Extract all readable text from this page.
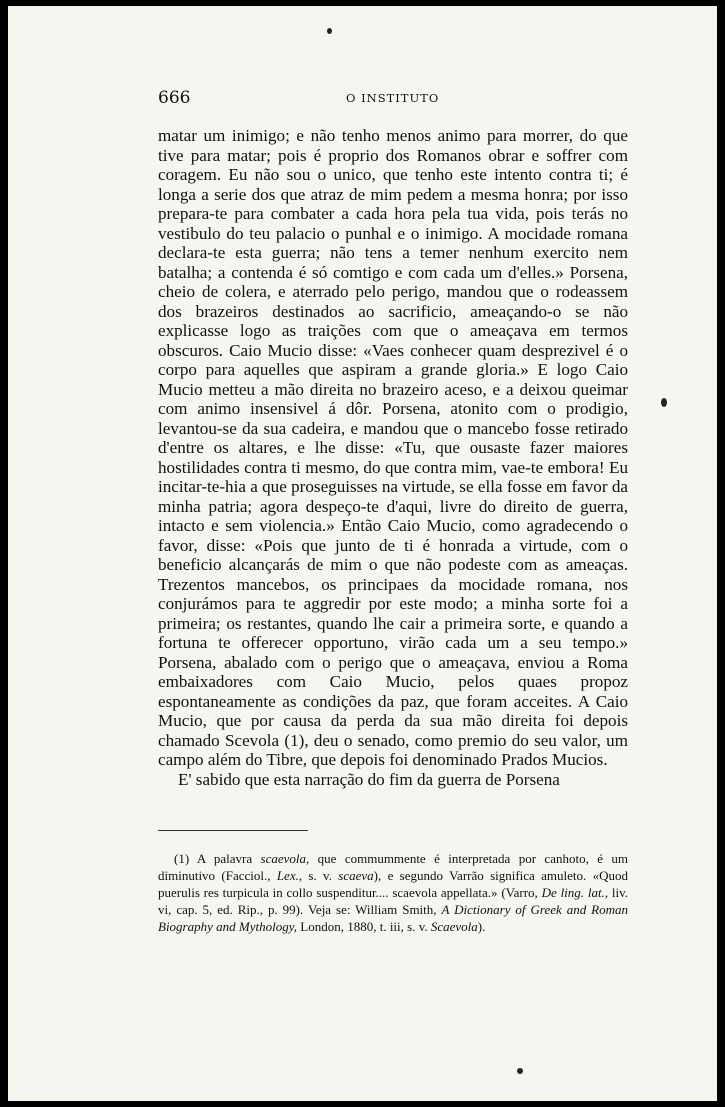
666	O INSTITUTO

matar um inimigo; e não tenho menos animo para morrer, do que tive para matar; pois é proprio dos Romanos obrar e soffrer com coragem. Eu não sou o unico, que tenho este intento contra ti; é longa a serie dos que atraz de mim pedem a mesma honra; por isso prepara-te para combater a cada hora pela tua vida, pois terás no vestibulo do teu palacio o punhal e o inimigo. A mocidade romana declara-te esta guerra; não tens a temer nenhum exercito nem batalha; a contenda é só comtigo e com cada um d'elles.» Porsena, cheio de colera, e aterrado pelo perigo, mandou que o rodeassem dos brazeiros destinados ao sacrificio, ameaçando-o se não explicasse logo as traições com que o ameaçava em termos obscuros. Caio Mucio disse: «Vaes conhecer quam desprezivel é o corpo para aquelles que aspiram a grande gloria.» E logo Caio Mucio metteu a mão direita no brazeiro aceso, e a deixou queimar com animo insensivel á dôr. Porsena, atonito com o prodigio, levantou-se da sua cadeira, e mandou que o mancebo fosse retirado d'entre os altares, e lhe disse: «Tu, que ousaste fazer maiores hostilidades contra ti mesmo, do que contra mim, vae-te embora! Eu incitar-te-hia a que proseguisses na virtude, se ella fosse em favor da minha patria; agora despeço-te d'aqui, livre do direito de guerra, intacto e sem violencia.» Então Caio Mucio, como agradecendo o favor, disse: «Pois que junto de ti é honrada a virtude, com o beneficio alcançarás de mim o que não podeste com as ameaças. Trezentos mancebos, os principaes da mocidade romana, nos conjurámos para te aggredir por este modo; a minha sorte foi a primeira; os restantes, quando lhe cair a primeira sorte, e quando a fortuna te offerecer opportuno, virão cada um a seu tempo.» Porsena, abalado com o perigo que o ameaçava, enviou a Roma embaixadores com Caio Mucio, pelos quaes propoz espontaneamente as condições da paz, que foram acceites. A Caio Mucio, que por causa da perda da sua mão direita foi depois chamado Scevola (1), deu o senado, como premio do seu valor, um campo além do Tibre, que depois foi denominado Prados Mucios.

E' sabido que esta narração do fim da guerra de Porsena

(1) A palavra scaevola, que commummente é interpretada por canhoto, é um diminutivo (Facciol., Lex., s. v. scaeva), e segundo Varrão significa amuleto. «Quod puerulis res turpicula in collo suspenditur.... scaevola appellata.» (Varro, De ling. lat., liv. vi, cap. 5, ed. Rip., p. 99). Veja se: William Smith, A Dictionary of Greek and Roman Biography and Mythology, London, 1880, t. iii, s. v. Scaevola).
